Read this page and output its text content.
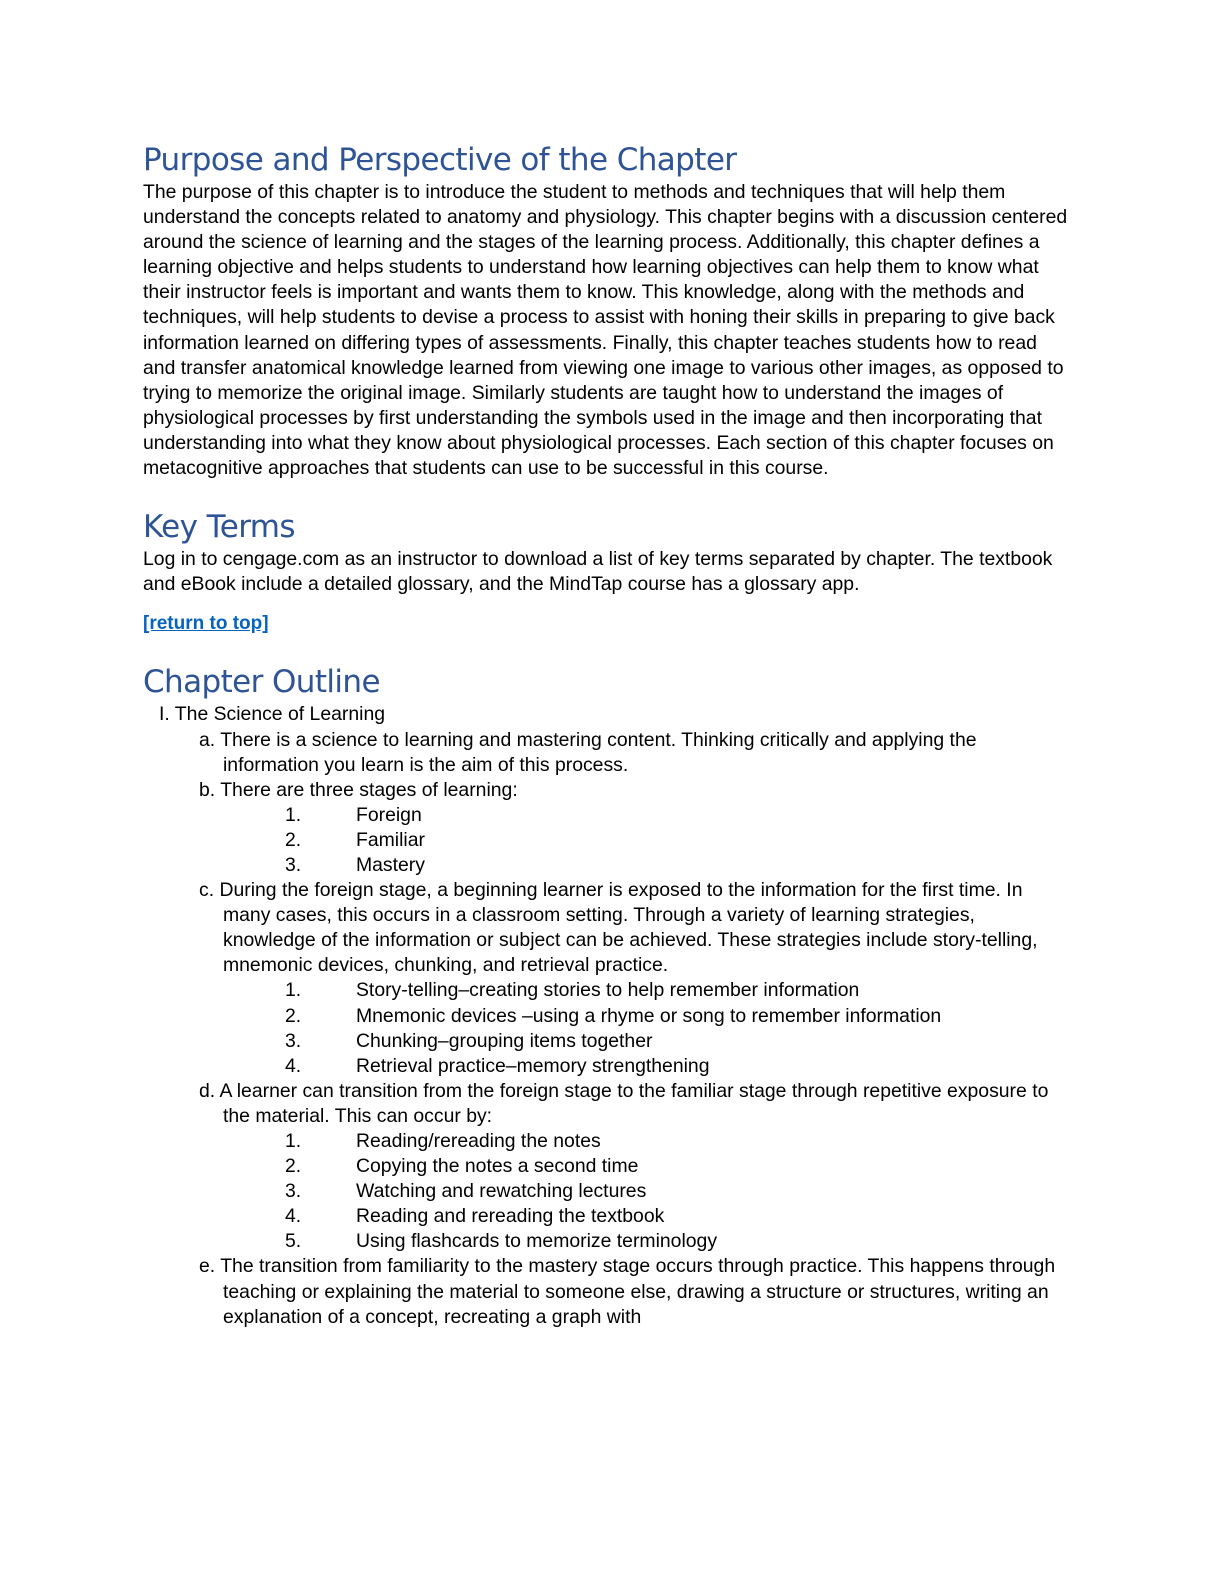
Purpose and Perspective of the Chapter

The purpose of this chapter is to introduce the student to methods and techniques that will help them understand the concepts related to anatomy and physiology. This chapter begins with a discussion centered around the science of learning and the stages of the learning process. Additionally, this chapter defines a learning objective and helps students to understand how learning objectives can help them to know what their instructor feels is important and wants them to know. This knowledge, along with the methods and techniques, will help students to devise a process to assist with honing their skills in preparing to give back information learned on differing types of assessments. Finally, this chapter teaches students how to read and transfer anatomical knowledge learned from viewing one image to various other images, as opposed to trying to memorize the original image. Similarly students are taught how to understand the images of physiological processes by first understanding the symbols used in the image and then incorporating that understanding into what they know about physiological processes. Each section of this chapter focuses on metacognitive approaches that students can use to be successful in this course.

Key Terms

Log in to cengage.com as an instructor to download a list of key terms separated by chapter. The textbook and eBook include a detailed glossary, and the MindTap course has a glossary app.

[return to top]

Chapter Outline
I. The Science of Learning
a. There is a science to learning and mastering content. Thinking critically and applying the information you learn is the aim of this process.
b. There are three stages of learning:
1.	Foreign
2.	Familiar
3.	Mastery
c. During the foreign stage, a beginning learner is exposed to the information for the first time. In many cases, this occurs in a classroom setting. Through a variety of learning strategies, knowledge of the information or subject can be achieved. These strategies include story-telling, mnemonic devices, chunking, and retrieval practice.
1.	Story-telling–creating stories to help remember information
2.	Mnemonic devices –using a rhyme or song to remember information
3.	Chunking–grouping items together
4.	Retrieval practice–memory strengthening
d. A learner can transition from the foreign stage to the familiar stage through repetitive exposure to the material. This can occur by:
1.	Reading/rereading the notes
2.	Copying the notes a second time
3.	Watching and rewatching lectures
4.	Reading and rereading the textbook
5.	Using flashcards to memorize terminology
e. The transition from familiarity to the mastery stage occurs through practice. This happens through teaching or explaining the material to someone else, drawing a structure or structures, writing an explanation of a concept, recreating a graph with
